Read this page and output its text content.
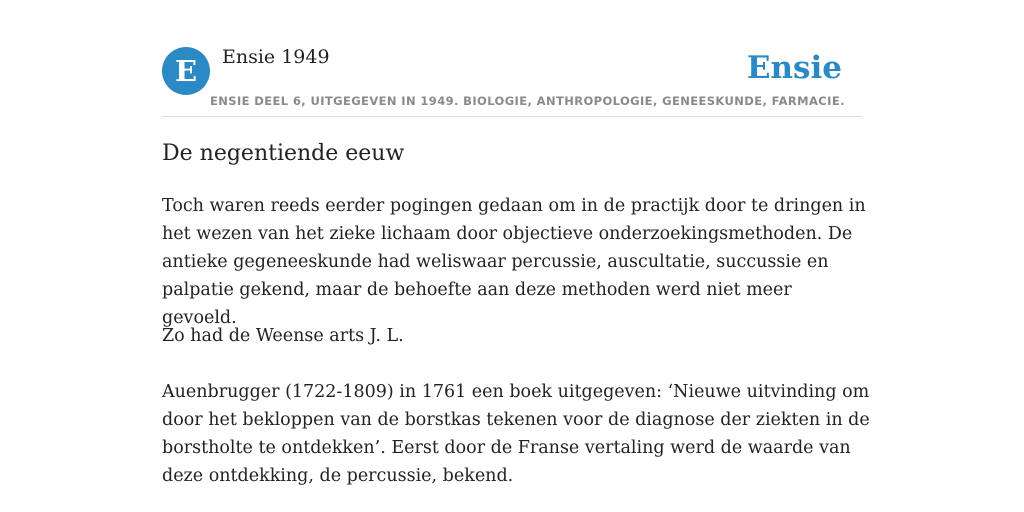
E	Ensie 1949	Ensie
ENSIE DEEL 6, UITGEGEVEN IN 1949. BIOLOGIE, ANTHROPOLOGIE, GENEESKUNDE, FARMACIE.
De negentiende eeuw

Toch waren reeds eerder pogingen gedaan om in de practijk door te dringen in het wezen van het zieke lichaam door objectieve onderzoekingsmethoden. De antieke gegeneeskunde had weliswaar percussie, auscultatie, succussie en palpatie gekend, maar de behoefte aan deze methoden werd niet meer gevoeld.

Zo had de Weense arts J. L.

Auenbrugger (1722-1809) in 1761 een boek uitgegeven: ‘Nieuwe uitvinding om door het bekloppen van de borstkas tekenen voor de diagnose der ziekten in de borstholte te ontdekken’. Eerst door de Franse vertaling werd de waarde van deze ontdekking, de percussie, bekend.
